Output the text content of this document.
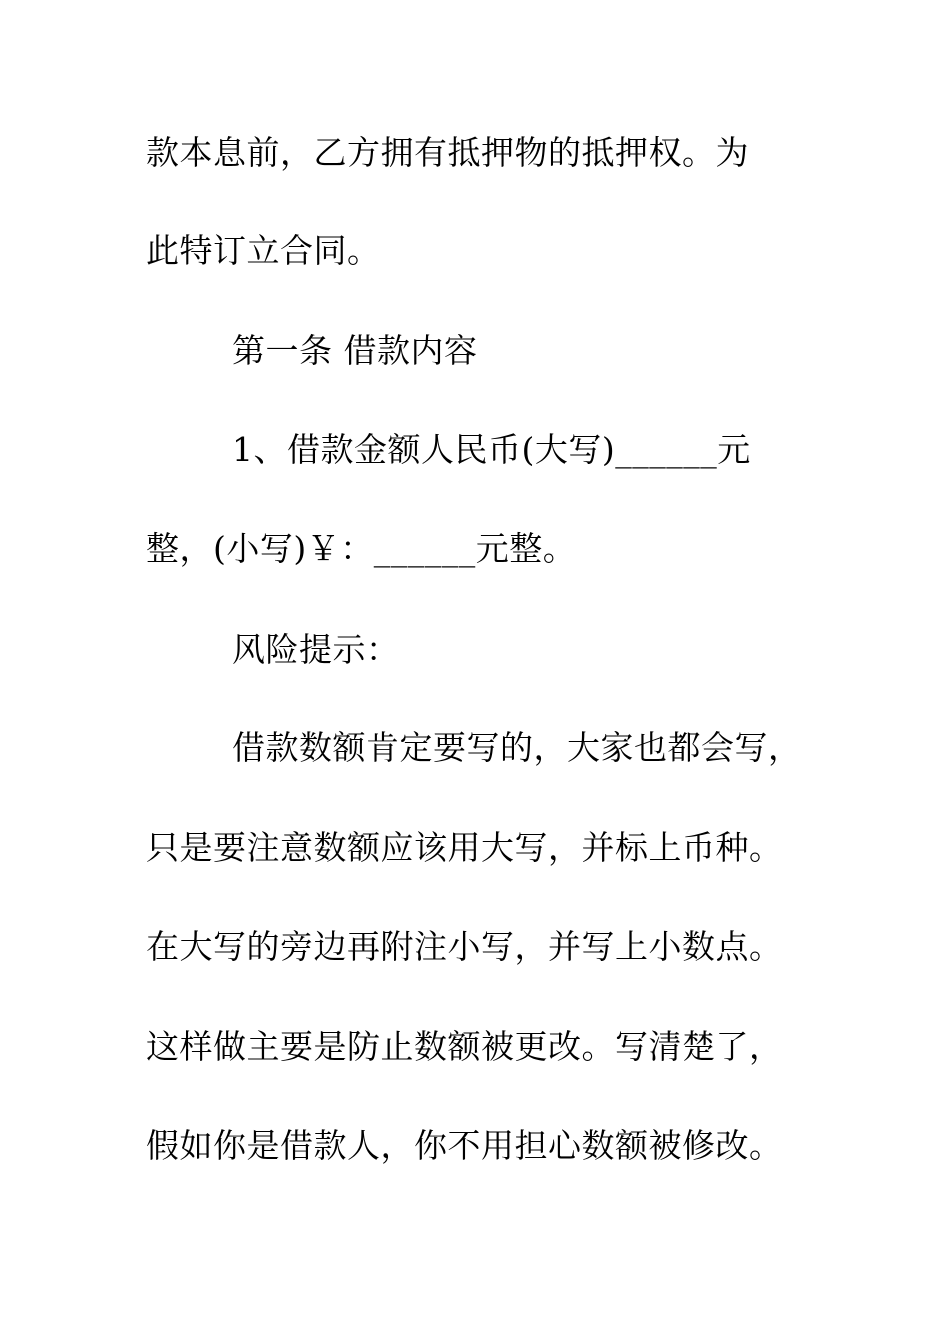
款本息前，乙方拥有抵押物的抵押权。为
此特订立合同。
第一条 借款内容
1、借款金额人民币(大写)______元
整，(小写)￥：______元整。
风险提示：
借款数额肯定要写的，大家也都会写，
只是要注意数额应该用大写，并标上币种。
在大写的旁边再附注小写，并写上小数点。
这样做主要是防止数额被更改。写清楚了，
假如你是借款人，你不用担心数额被修改。
